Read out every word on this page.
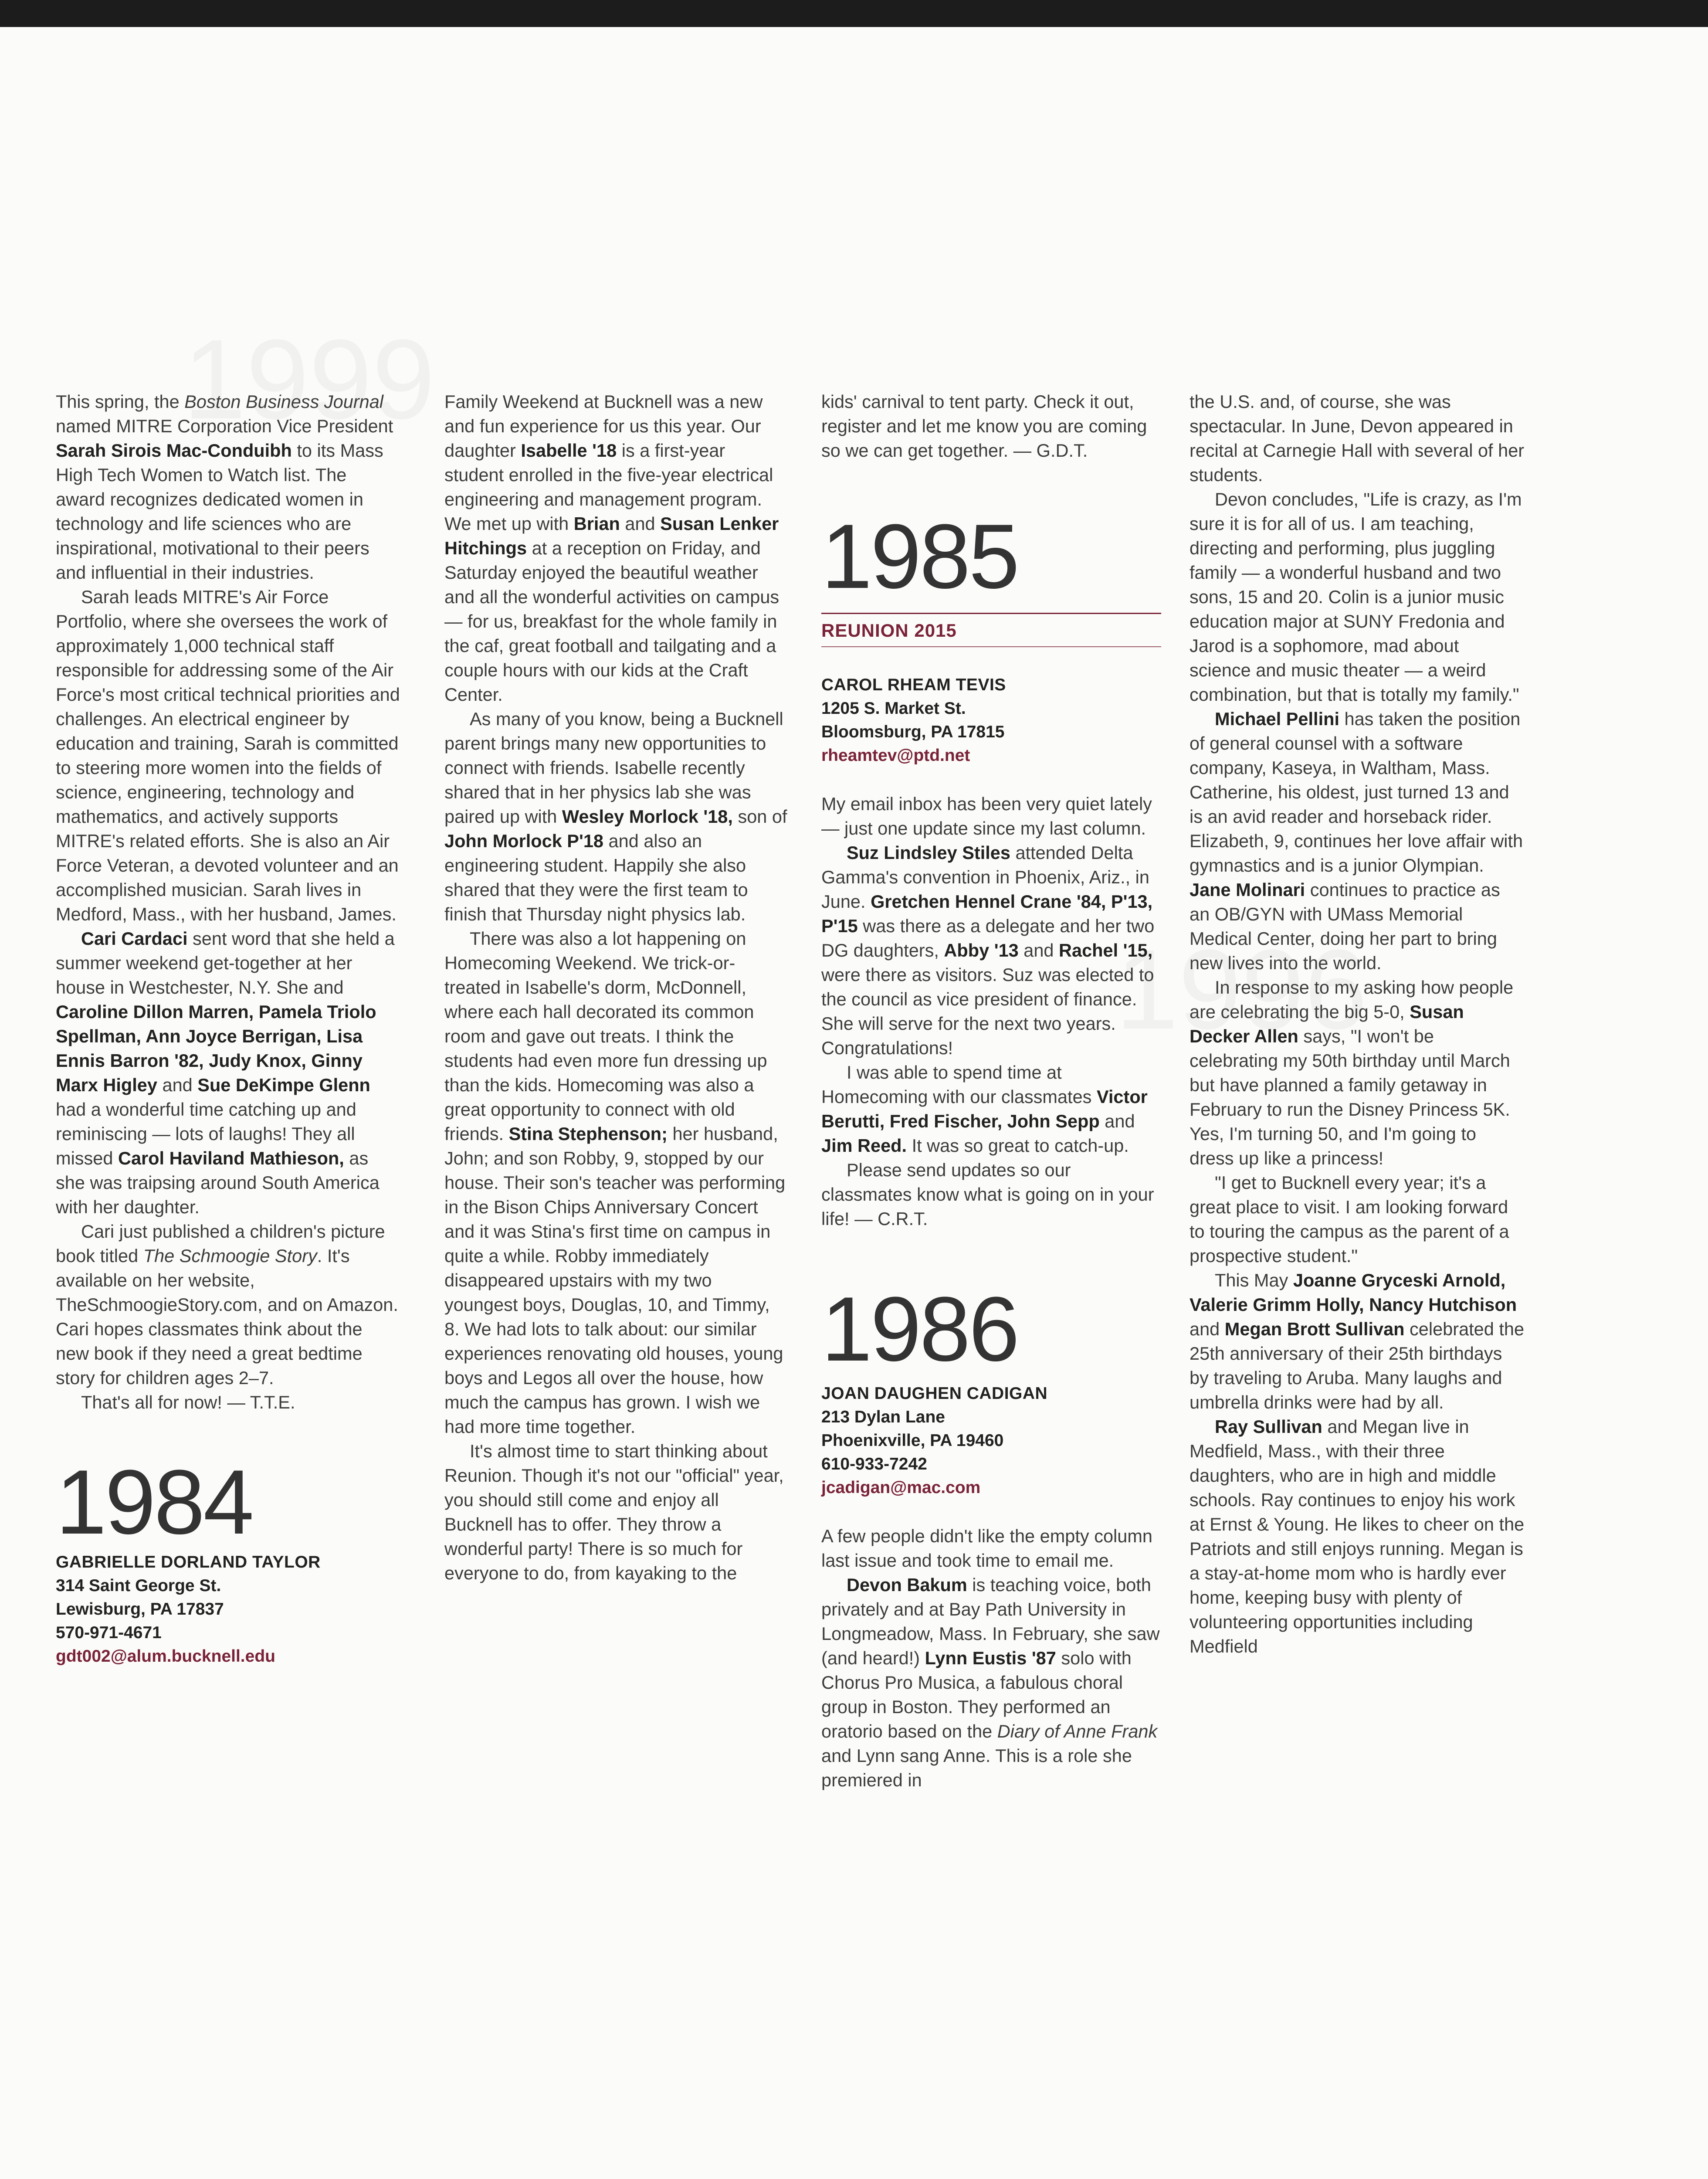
This spring, the Boston Business Journal named MITRE Corporation Vice President Sarah Sirois Mac-Conduibh to its Mass High Tech Women to Watch list. The award recognizes dedicated women in technology and life sciences who are inspirational, motivational to their peers and influential in their industries.

Sarah leads MITRE's Air Force Portfolio, where she oversees the work of approximately 1,000 technical staff responsible for addressing some of the Air Force's most critical technical priorities and challenges. An electrical engineer by education and training, Sarah is committed to steering more women into the fields of science, engineering, technology and mathematics, and actively supports MITRE's related efforts. She is also an Air Force Veteran, a devoted volunteer and an accomplished musician. Sarah lives in Medford, Mass., with her husband, James.

Cari Cardaci sent word that she held a summer weekend get-together at her house in Westchester, N.Y. She and Caroline Dillon Marren, Pamela Triolo Spellman, Ann Joyce Berrigan, Lisa Ennis Barron '82, Judy Knox, Ginny Marx Higley and Sue DeKimpe Glenn had a wonderful time catching up and reminiscing — lots of laughs! They all missed Carol Haviland Mathieson, as she was traipsing around South America with her daughter.

Cari just published a children's picture book titled The Schmoogie Story. It's available on her website, TheSchmoogieStory.com, and on Amazon. Cari hopes classmates think about the new book if they need a great bedtime story for children ages 2–7.

That's all for now! — T.T.E.

1984
GABRIELLE DORLAND TAYLOR
314 Saint George St.
Lewisburg, PA 17837
570-971-4671
gdt002@alum.bucknell.edu

Family Weekend at Bucknell was a new and fun experience for us this year. Our daughter Isabelle '18 is a first-year student enrolled in the five-year electrical engineering and management program. We met up with Brian and Susan Lenker Hitchings at a reception on Friday, and Saturday enjoyed the beautiful weather and all the wonderful activities on campus — for us, breakfast for the whole family in the caf, great football and tailgating and a couple hours with our kids at the Craft Center.

As many of you know, being a Bucknell parent brings many new opportunities to connect with friends. Isabelle recently shared that in her physics lab she was paired up with Wesley Morlock '18, son of John Morlock P'18 and also an engineering student. Happily she also shared that they were the first team to finish that Thursday night physics lab.

There was also a lot happening on Homecoming Weekend. We trick-or-treated in Isabelle's dorm, McDonnell, where each hall decorated its common room and gave out treats. I think the students had even more fun dressing up than the kids. Homecoming was also a great opportunity to connect with old friends. Stina Stephenson; her husband, John; and son Robby, 9, stopped by our house. Their son's teacher was performing in the Bison Chips Anniversary Concert and it was Stina's first time on campus in quite a while. Robby immediately disappeared upstairs with my two youngest boys, Douglas, 10, and Timmy, 8. We had lots to talk about: our similar experiences renovating old houses, young boys and Legos all over the house, how much the campus has grown. I wish we had more time together.

It's almost time to start thinking about Reunion. Though it's not our "official" year, you should still come and enjoy all Bucknell has to offer. They throw a wonderful party! There is so much for everyone to do, from kayaking to the

kids' carnival to tent party. Check it out, register and let me know you are coming so we can get together. — G.D.T.

1985
REUNION 2015
CAROL RHEAM TEVIS
1205 S. Market St.
Bloomsburg, PA 17815
rheamtev@ptd.net

My email inbox has been very quiet lately — just one update since my last column.

Suz Lindsley Stiles attended Delta Gamma's convention in Phoenix, Ariz., in June. Gretchen Hennel Crane '84, P'13, P'15 was there as a delegate and her two DG daughters, Abby '13 and Rachel '15, were there as visitors. Suz was elected to the council as vice president of finance. She will serve for the next two years. Congratulations!

I was able to spend time at Homecoming with our classmates Victor Berutti, Fred Fischer, John Sepp and Jim Reed. It was so great to catch-up.

Please send updates so our classmates know what is going on in your life! — C.R.T.

1986
JOAN DAUGHEN CADIGAN
213 Dylan Lane
Phoenixville, PA 19460
610-933-7242
jcadigan@mac.com

A few people didn't like the empty column last issue and took time to email me.

Devon Bakum is teaching voice, both privately and at Bay Path University in Longmeadow, Mass. In February, she saw (and heard!) Lynn Eustis '87 solo with Chorus Pro Musica, a fabulous choral group in Boston. They performed an oratorio based on the Diary of Anne Frank and Lynn sang Anne. This is a role she premiered in

the U.S. and, of course, she was spectacular. In June, Devon appeared in recital at Carnegie Hall with several of her students.

Devon concludes, "Life is crazy, as I'm sure it is for all of us. I am teaching, directing and performing, plus juggling family — a wonderful husband and two sons, 15 and 20. Colin is a junior music education major at SUNY Fredonia and Jarod is a sophomore, mad about science and music theater — a weird combination, but that is totally my family."

Michael Pellini has taken the position of general counsel with a software company, Kaseya, in Waltham, Mass. Catherine, his oldest, just turned 13 and is an avid reader and horseback rider. Elizabeth, 9, continues her love affair with gymnastics and is a junior Olympian. Jane Molinari continues to practice as an OB/GYN with UMass Memorial Medical Center, doing her part to bring new lives into the world.

In response to my asking how people are celebrating the big 5-0, Susan Decker Allen says, "I won't be celebrating my 50th birthday until March but have planned a family getaway in February to run the Disney Princess 5K. Yes, I'm turning 50, and I'm going to dress up like a princess!

"I get to Bucknell every year; it's a great place to visit. I am looking forward to touring the campus as the parent of a prospective student."

This May Joanne Gryceski Arnold, Valerie Grimm Holly, Nancy Hutchison and Megan Brott Sullivan celebrated the 25th anniversary of their 25th birthdays by traveling to Aruba. Many laughs and umbrella drinks were had by all.

Ray Sullivan and Megan live in Medfield, Mass., with their three daughters, who are in high and middle schools. Ray continues to enjoy his work at Ernst & Young. He likes to cheer on the Patriots and still enjoys running. Megan is a stay-at-home mom who is hardly ever home, keeping busy with plenty of volunteering opportunities including Medfield
